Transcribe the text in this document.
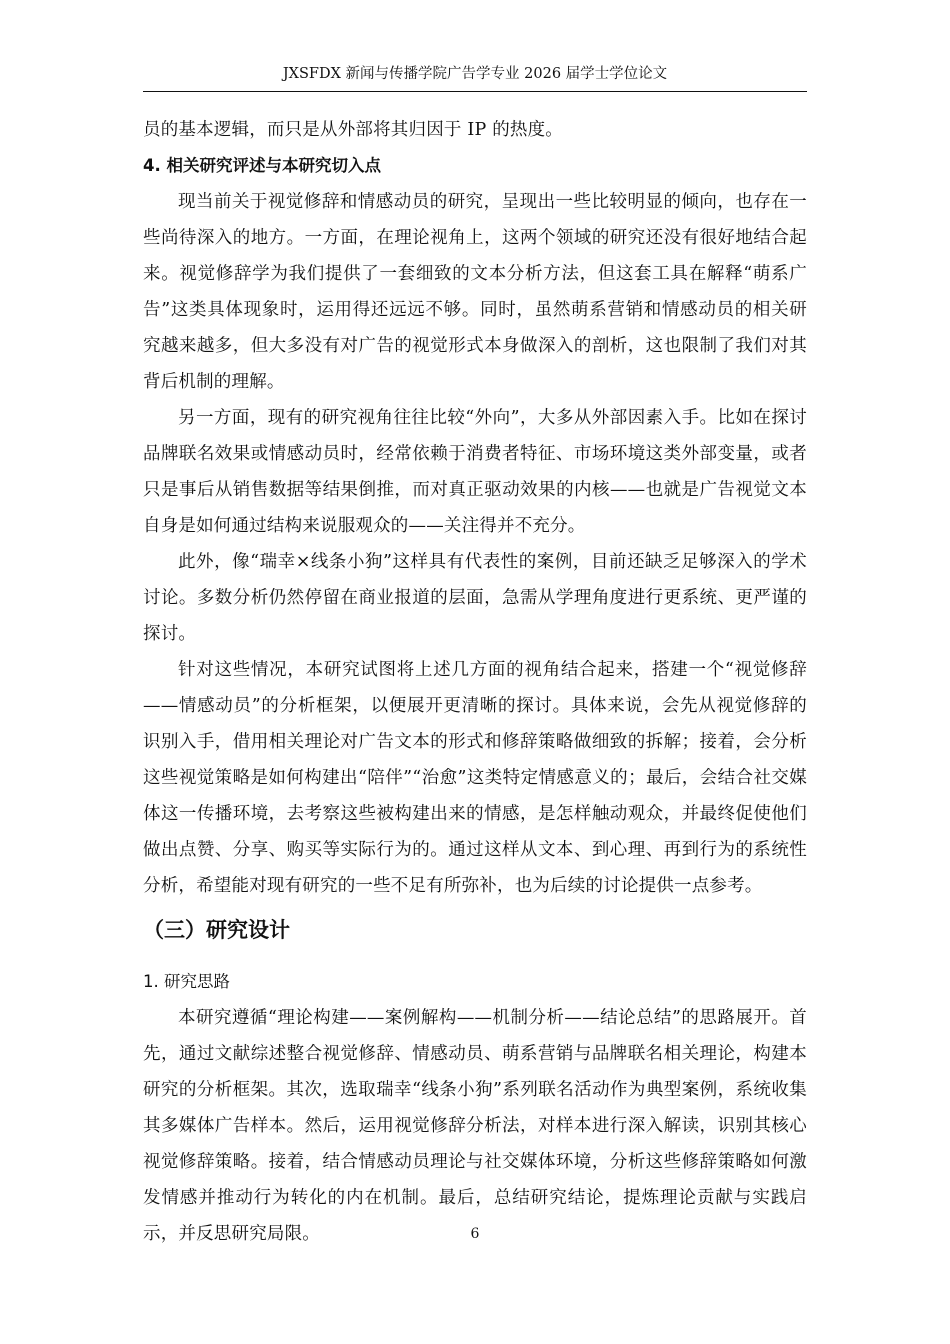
JXSFDX 新闻与传播学院广告学专业 2026 届学士学位论文

员的基本逻辑，而只是从外部将其归因于 IP 的热度。

4. 相关研究评述与本研究切入点

现当前关于视觉修辞和情感动员的研究，呈现出一些比较明显的倾向，也存在一些尚待深入的地方。一方面，在理论视角上，这两个领域的研究还没有很好地结合起来。视觉修辞学为我们提供了一套细致的文本分析方法，但这套工具在解释“萌系广告”这类具体现象时，运用得还远远不够。同时，虽然萌系营销和情感动员的相关研究越来越多，但大多没有对广告的视觉形式本身做深入的剖析，这也限制了我们对其背后机制的理解。

另一方面，现有的研究视角往往比较“外向”，大多从外部因素入手。比如在探讨品牌联名效果或情感动员时，经常依赖于消费者特征、市场环境这类外部变量，或者只是事后从销售数据等结果倒推，而对真正驱动效果的内核——也就是广告视觉文本自身是如何通过结构来说服观众的——关注得并不充分。

此外，像“瑞幸×线条小狗”这样具有代表性的案例，目前还缺乏足够深入的学术讨论。多数分析仍然停留在商业报道的层面，急需从学理角度进行更系统、更严谨的探讨。

针对这些情况，本研究试图将上述几方面的视角结合起来，搭建一个“视觉修辞——情感动员”的分析框架，以便展开更清晰的探讨。具体来说，会先从视觉修辞的识别入手，借用相关理论对广告文本的形式和修辞策略做细致的拆解；接着，会分析这些视觉策略是如何构建出“陪伴”“治愈”这类特定情感意义的；最后，会结合社交媒体这一传播环境，去考察这些被构建出来的情感，是怎样触动观众，并最终促使他们做出点赞、分享、购买等实际行为的。通过这样从文本、到心理、再到行为的系统性分析，希望能对现有研究的一些不足有所弥补，也为后续的讨论提供一点参考。

（三）研究设计

1. 研究思路

本研究遵循“理论构建——案例解构——机制分析——结论总结”的思路展开。首先，通过文献综述整合视觉修辞、情感动员、萌系营销与品牌联名相关理论，构建本研究的分析框架。其次，选取瑞幸“线条小狗”系列联名活动作为典型案例，系统收集其多媒体广告样本。然后，运用视觉修辞分析法，对样本进行深入解读，识别其核心视觉修辞策略。接着，结合情感动员理论与社交媒体环境，分析这些修辞策略如何激发情感并推动行为转化的内在机制。最后，总结研究结论，提炼理论贡献与实践启示，并反思研究局限。	6
